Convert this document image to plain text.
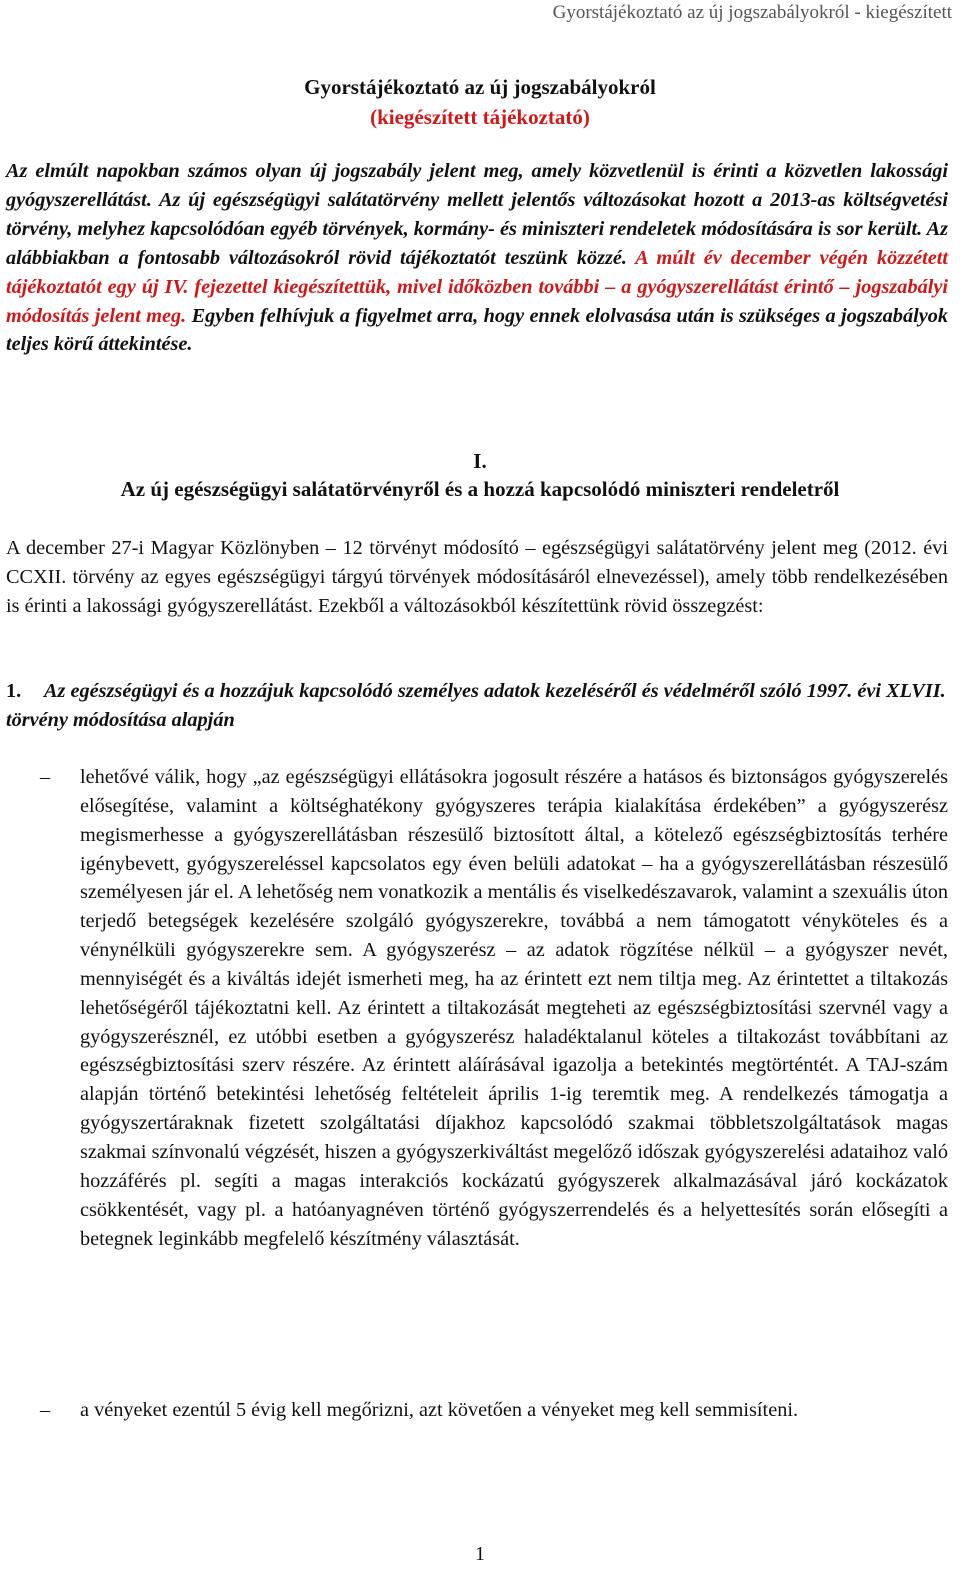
Gyorstájékoztató az új jogszabályokról - kiegészített
Gyorstájékoztató az új jogszabályokról
(kiegészített tájékoztató)

Az elmúlt napokban számos olyan új jogszabály jelent meg, amely közvetlenül is érinti a közvetlen lakossági gyógyszerellátást. Az új egészségügyi salátatörvény mellett jelentős változásokat hozott a 2013-as költségvetési törvény, melyhez kapcsolódóan egyéb törvények, kormány- és miniszteri rendeletek módosítására is sor került. Az alábbiakban a fontosabb változásokról rövid tájékoztatót teszünk közzé. A múlt év december végén közzétett tájékoztatót egy új IV. fejezettel kiegészítettük, mivel időközben további – a gyógyszerellátást érintő – jogszabályi módosítás jelent meg. Egyben felhívjuk a figyelmet arra, hogy ennek elolvasása után is szükséges a jogszabályok teljes körű áttekintése.

I.
Az új egészségügyi salátatörvényről és a hozzá kapcsolódó miniszteri rendeletről

A december 27-i Magyar Közlönyben – 12 törvényt módosító – egészségügyi salátatörvény jelent meg (2012. évi CCXII. törvény az egyes egészségügyi tárgyú törvények módosításáról elnevezéssel), amely több rendelkezésében is érinti a lakossági gyógyszerellátást. Ezekből a változásokból készítettünk rövid összegzést:

1. Az egészségügyi és a hozzájuk kapcsolódó személyes adatok kezeléséről és védelméről szóló 1997. évi XLVII. törvény módosítása alapján

–	lehetővé válik, hogy „az egészségügyi ellátásokra jogosult részére a hatásos és biztonságos gyógyszerelés elősegítése, valamint a költséghatékony gyógyszeres terápia kialakítása érdekében” a gyógyszerész megismerhesse a gyógyszerellátásban részesülő biztosított által, a kötelező egészségbiztosítás terhére igénybevett, gyógyszereléssel kapcsolatos egy éven belüli adatokat – ha a gyógyszerellátásban részesülő személyesen jár el. A lehetőség nem vonatkozik a mentális és viselkedészavarok, valamint a szexuális úton terjedő betegségek kezelésére szolgáló gyógyszerekre, továbbá a nem támogatott vényköteles és a vénynélküli gyógyszerekre sem. A gyógyszerész – az adatok rögzítése nélkül – a gyógyszer nevét, mennyiségét és a kiváltás idejét ismerheti meg, ha az érintett ezt nem tiltja meg. Az érintettet a tiltakozás lehetőségéről tájékoztatni kell. Az érintett a tiltakozását megteheti az egészségbiztosítási szervnél vagy a gyógyszerésznél, ez utóbbi esetben a gyógyszerész haladéktalanul köteles a tiltakozást továbbítani az egészségbiztosítási szerv részére. Az érintett aláírásával igazolja a betekintés megtörténtét. A TAJ-szám alapján történő betekintési lehetőség feltételeit április 1-ig teremtik meg. A rendelkezés támogatja a gyógyszertáraknak fizetett szolgáltatási díjakhoz kapcsolódó szakmai többletszolgáltatások magas szakmai színvonalú végzését, hiszen a gyógyszerkiváltást megelőző időszak gyógyszerelési adataihoz való hozzáférés pl. segíti a magas interakciós kockázatú gyógyszerek alkalmazásával járó kockázatok csökkentését, vagy pl. a hatóanyagnéven történő gyógyszerrendelés és a helyettesítés során elősegíti a betegnek leginkább megfelelő készítmény választását.

–	a vényeket ezentúl 5 évig kell megőrizni, azt követően a vényeket meg kell semmisíteni.

1
